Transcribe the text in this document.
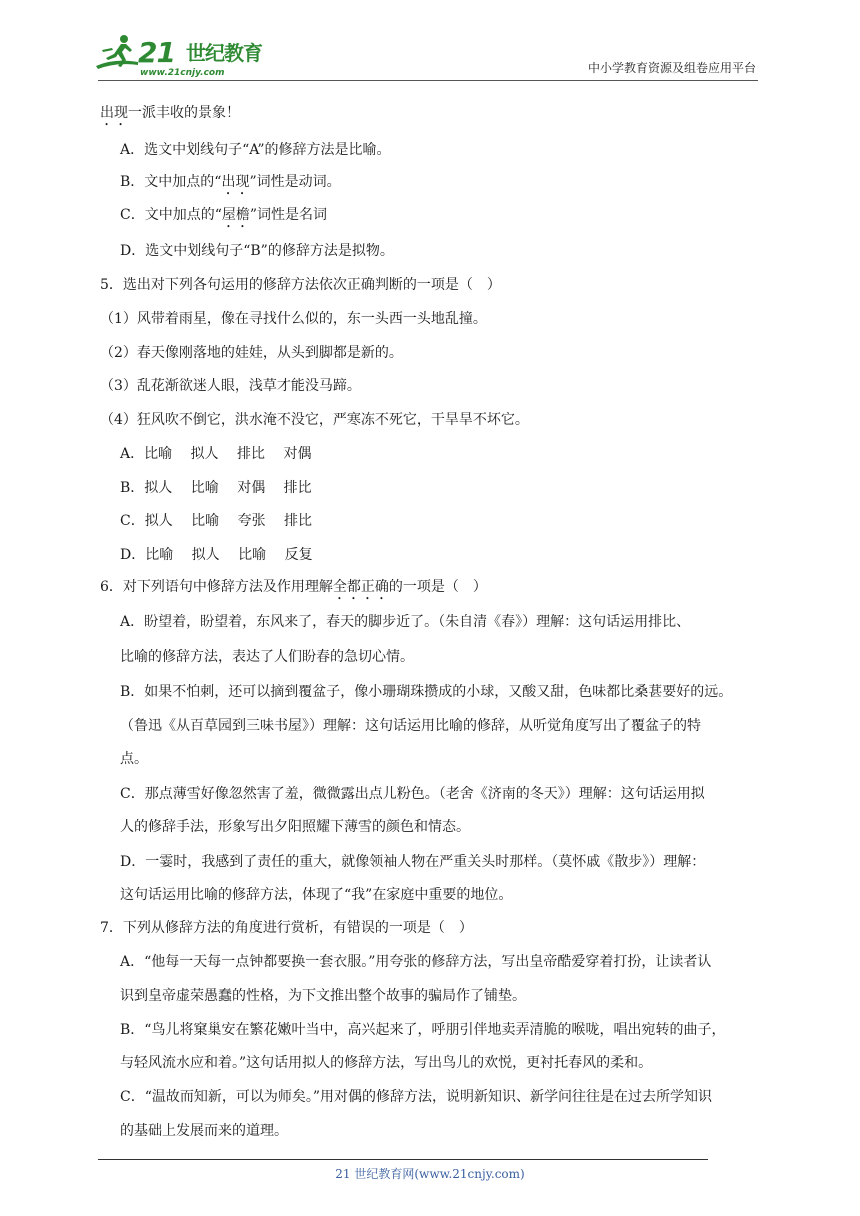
21 世纪教育
www.21cnjy.com	中小学教育资源及组卷应用平台
出现一派丰收的景象！
A．选文中划线句子“A”的修辞方法是比喻。
B．文中加点的“出现”词性是动词。
C．文中加点的“屋檐”词性是名词
D．选文中划线句子“B”的修辞方法是拟物。
5．选出对下列各句运用的修辞方法依次正确判断的一项是（　）
（1）风带着雨星，像在寻找什么似的，东一头西一头地乱撞。
（2）春天像刚落地的娃娃，从头到脚都是新的。
（3）乱花渐欲迷人眼，浅草才能没马蹄。
（4）狂风吹不倒它，洪水淹不没它，严寒冻不死它，干旱旱不坏它。
A．比喻　 拟人　 排比　 对偶
B．拟人　 比喻　 对偶　 排比
C．拟人　 比喻　 夸张　 排比
D．比喻　 拟人　 比喻　 反复
6．对下列语句中修辞方法及作用理解全都正确的一项是（　）
A．盼望着，盼望着，东风来了，春天的脚步近了。（朱自清《春》）理解：这句话运用排比、
比喻的修辞方法，表达了人们盼春的急切心情。
B．如果不怕刺，还可以摘到覆盆子，像小珊瑚珠攒成的小球，又酸又甜，色味都比桑葚要好的远。
（鲁迅《从百草园到三味书屋》）理解：这句话运用比喻的修辞，从听觉角度写出了覆盆子的特
点。
C．那点薄雪好像忽然害了羞，微微露出点儿粉色。（老舍《济南的冬天》）理解：这句话运用拟
人的修辞手法，形象写出夕阳照耀下薄雪的颜色和情态。
D．一霎时，我感到了责任的重大，就像领袖人物在严重关头时那样。（莫怀戚《散步》）理解：
这句话运用比喻的修辞方法，体现了“我”在家庭中重要的地位。
7．下列从修辞方法的角度进行赏析，有错误的一项是（　）
A．“他每一天每一点钟都要换一套衣服。”用夸张的修辞方法，写出皇帝酷爱穿着打扮，让读者认
识到皇帝虚荣愚蠢的性格，为下文推出整个故事的骗局作了铺垫。
B．“鸟儿将窠巢安在繁花嫩叶当中，高兴起来了，呼朋引伴地卖弄清脆的喉咙，唱出宛转的曲子，
与轻风流水应和着。”这句话用拟人的修辞方法，写出鸟儿的欢悦，更衬托春风的柔和。
C．“温故而知新，可以为师矣。”用对偶的修辞方法，说明新知识、新学问往往是在过去所学知识
的基础上发展而来的道理。
21 世纪教育网(www.21cnjy.com)
